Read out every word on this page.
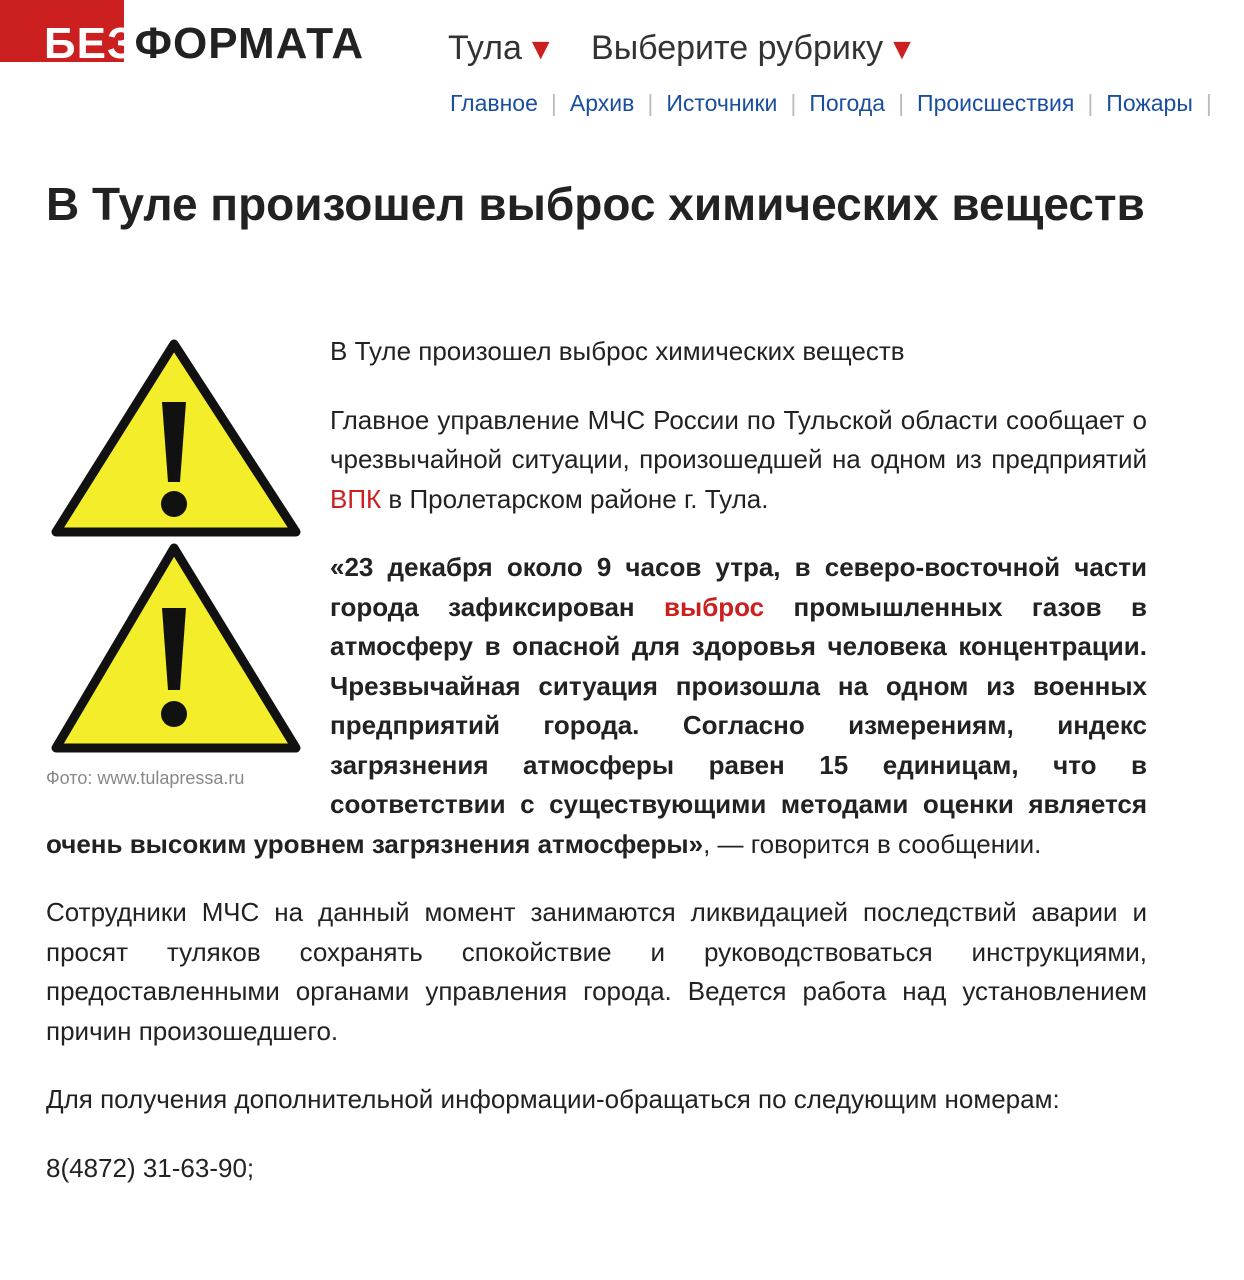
БЕЗФОРМАТА Тула ▼ Выберите рубрику ▼
Главное | Архив | Источники | Погода | Происшествия | Пожары |
В Туле произошел выброс химических веществ
Фото: www.tulapressa.ru

В Туле произошел выброс химических веществ

Главное управление МЧС России по Тульской области сообщает о чрезвычайной ситуации, произошедшей на одном из предприятий ВПК в Пролетарском районе г. Тула.

«23 декабря около 9 часов утра, в северо-восточной части города зафиксирован выброс промышленных газов в атмосферу в опасной для здоровья человека концентрации. Чрезвычайная ситуация произошла на одном из военных предприятий города. Согласно измерениям, индекс загрязнения атмосферы равен 15 единицам, что в соответствии с существующими методами оценки является очень высоким уровнем загрязнения атмосферы», — говорится в сообщении.

Сотрудники МЧС на данный момент занимаются ликвидацией последствий аварии и просят туляков сохранять спокойствие и руководствоваться инструкциями, предоставленными органами управления города. Ведется работа над установлением причин произошедшего.

Для получения дополнительной информации-обращаться по следующим номерам:

8(4872) 31-63-90;
